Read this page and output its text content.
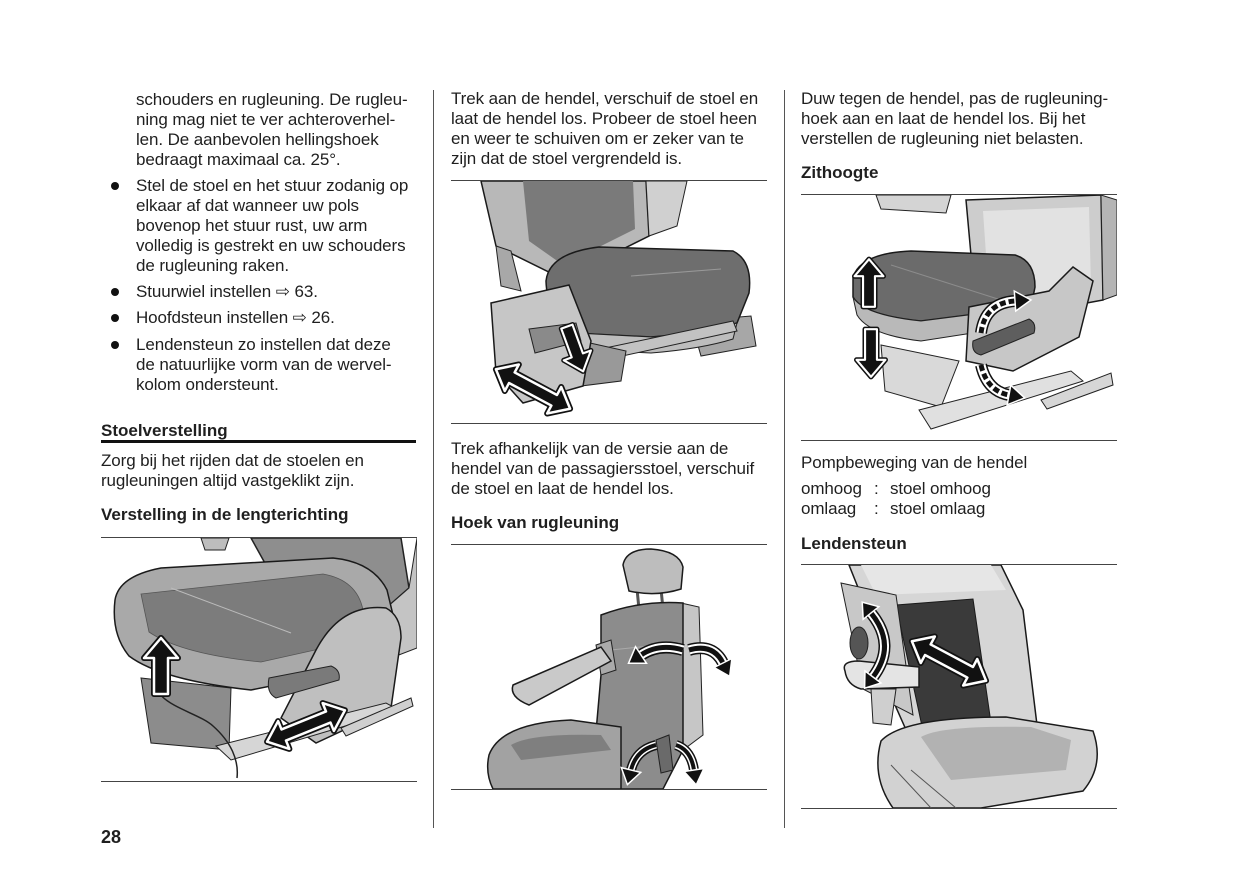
schouders en rugleuning. De rugleu-
ning mag niet te ver achteroverhel-
len. De aanbevolen hellingshoek
bedraagt maximaal ca. 25°.
Stel de stoel en het stuur zodanig op
elkaar af dat wanneer uw pols
bovenop het stuur rust, uw arm
volledig is gestrekt en uw schouders
de rugleuning raken.
Stuurwiel instellen ⇨ 63.
Hoofdsteun instellen ⇨ 26.
Lendensteun zo instellen dat deze
de natuurlijke vorm van de wervel-
kolom ondersteunt.
Stoelverstelling
Zorg bij het rijden dat de stoelen en
rugleuningen altijd vastgeklikt zijn.
Verstelling in de lengterichting
28
Trek aan de hendel, verschuif de stoel en
laat de hendel los. Probeer de stoel heen
en weer te schuiven om er zeker van te
zijn dat de stoel vergrendeld is.
Trek afhankelijk van de versie aan de
hendel van de passagiersstoel, verschuif
de stoel en laat de hendel los.
Hoek van rugleuning
Duw tegen de hendel, pas de rugleuning-
hoek aan en laat de hendel los. Bij het
verstellen de rugleuning niet belasten.
Zithoogte
Pompbeweging van de hendel
omhoog : stoel omhoog
omlaag : stoel omlaag
Lendensteun
